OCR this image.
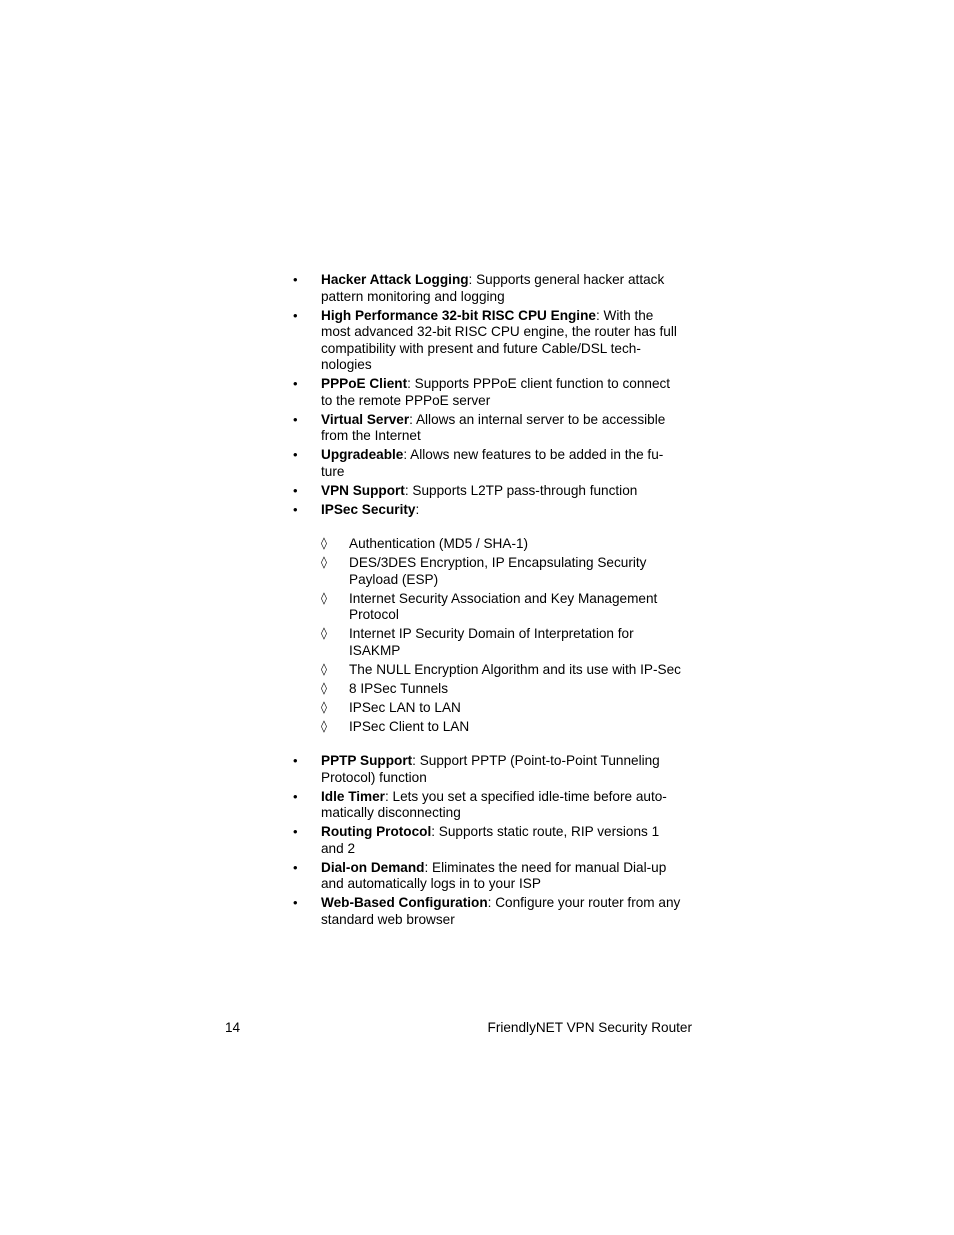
•	Hacker Attack Logging: Supports general hacker attack pattern monitoring and logging
•	High Performance 32-bit RISC CPU Engine: With the most advanced 32-bit RISC CPU engine, the router has full compatibility with present and future Cable/DSL tech-nologies
•	PPPoE Client: Supports PPPoE client function to connect to the remote PPPoE server
•	Virtual Server: Allows an internal server to be accessible from the Internet
•	Upgradeable: Allows new features to be added in the fu-ture
•	VPN Support: Supports L2TP pass-through function
•	IPSec Security:
◊ Authentication (MD5 / SHA-1)
◊ DES/3DES Encryption, IP Encapsulating Security Payload (ESP)
◊ Internet Security Association and Key Management Protocol
◊ Internet IP Security Domain of Interpretation for ISAKMP
◊ The NULL Encryption Algorithm and its use with IP-Sec
◊ 8 IPSec Tunnels
◊ IPSec LAN to LAN
◊ IPSec Client to LAN
•	PPTP Support: Support PPTP (Point-to-Point Tunneling Protocol) function
•	Idle Timer: Lets you set a specified idle-time before auto-matically disconnecting
•	Routing Protocol: Supports static route, RIP versions 1 and 2
•	Dial-on Demand: Eliminates the need for manual Dial-up and automatically logs in to your ISP
•	Web-Based Configuration: Configure your router from any standard web browser
14	FriendlyNET VPN Security Router
